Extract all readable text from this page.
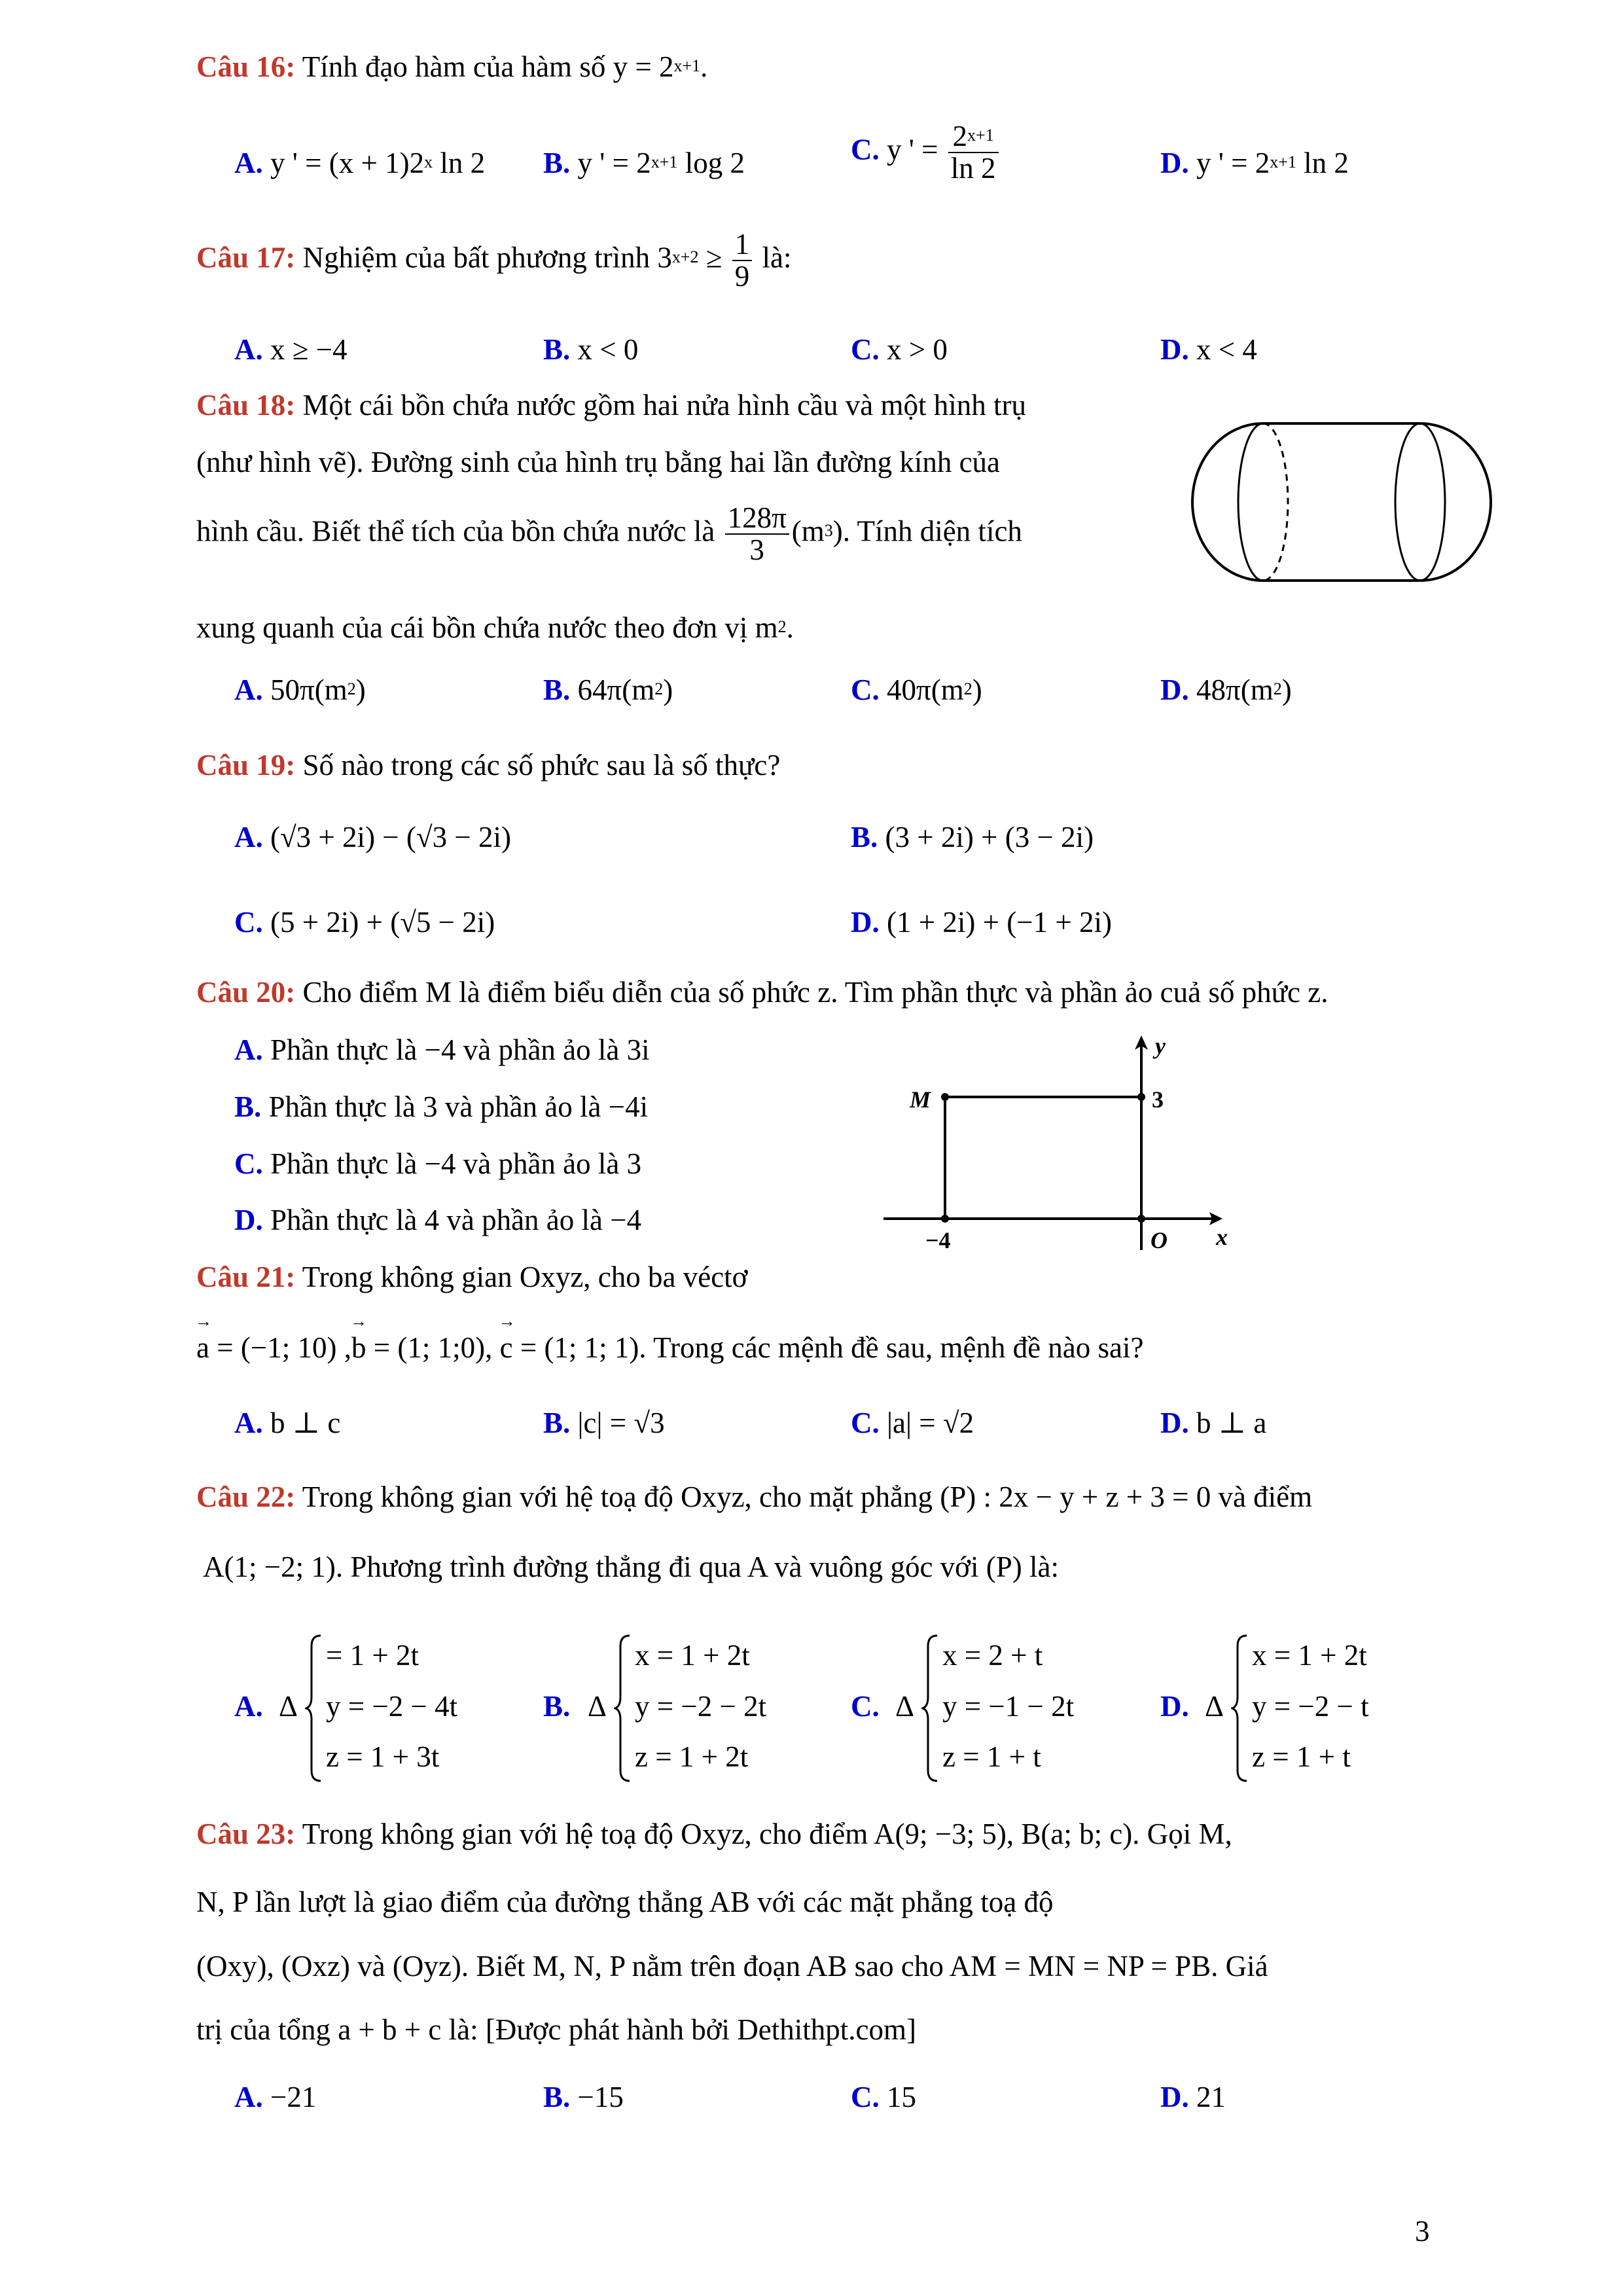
Câu 16: Tính đạo hàm của hàm số $y = 2^{x+1}$.
A. y ' = $(x + 1)2^x$ ln 2 B. y ' = $2^{x+1}$ log 2	C. y ' = $\frac{2^{x+1}}{\ln 2}$	D. y ' = $2^{x+1}$ ln 2
Câu 17: Nghiệm của bất phương trình $3^{x+2} \ge \frac{1}{9}$ là:
A. x ≥ −4	B. x < 0	C. x > 0	D. x < 4
Câu 18: Một cái bồn chứa nước gồm hai nửa hình cầu và một hình trụ
(như hình vẽ). Đường sinh của hình trụ bằng hai lần đường kính của
hình cầu. Biết thể tích của bồn chứa nước là $\frac{128\pi}{3} (m^3)$. Tính diện tích
xung quanh của cái bồn chứa nước theo đơn vị $m^2$.
A. $50\pi(m^2)$	B. $64\pi(m^2)$	C. $40\pi(m^2)$	D. $48\pi(m^2)$
Câu 19: Số nào trong các số phức sau là số thực?
A. (√3 + 2i) − (√3 − 2i)	B. (3 + 2i) + (3 − 2i)
C. (5 + 2i) + (√5 − 2i)	D. (1 + 2i) + (−1 + 2i)
Câu 20: Cho điểm M là điểm biểu diễn của số phức z. Tìm phần thực và phần ảo cuả số phức z.
A. Phần thực là −4 và phần ảo là 3i
B. Phần thực là 3 và phần ảo là −4i
C. Phần thực là −4 và phần ảo là 3
D. Phần thực là 4 và phần ảo là −4
y
x
M	3
O
−4
Câu 21: Trong không gian Oxyz, cho ba véctơ
→ a = (−1; 10) ,→ b = (1; 1;0), → c = (1; 1; 1). Trong các mệnh đề sau, mệnh đề nào sai?
A. b ⊥ c	B. |c| = √3	C. |a| = √2	D. b ⊥ a
Câu 22: Trong không gian với hệ toạ độ Oxyz, cho mặt phẳng (P) : 2x − y + z + 3 = 0 và điểm
A(1; −2; 1). Phương trình đường thẳng đi qua A và vuông góc với (P) là:
A. Δ
= 1 + 2t
y = −2 − 4t
z = 1 + 3t
B. Δ
x = 1 + 2t
y = −2 − 2t
z = 1 + 2t
C. Δ
x = 2 + t
y = −1 − 2t
z = 1 + t
D. Δ
x = 1 + 2t
y = −2 − t
z = 1 + t
Câu 23: Trong không gian với hệ toạ độ Oxyz, cho điểm A(9; −3; 5), B(a; b; c). Gọi M,
N, P lần lượt là giao điểm của đường thẳng AB với các mặt phẳng toạ độ
(Oxy), (Oxz) và (Oyz). Biết M, N, P nằm trên đoạn AB sao cho AM = MN = NP = PB. Giá
trị của tổng a + b + c là: [Được phát hành bởi Dethithpt.com]
A. −21	B. −15	C. 15	D. 21
3
